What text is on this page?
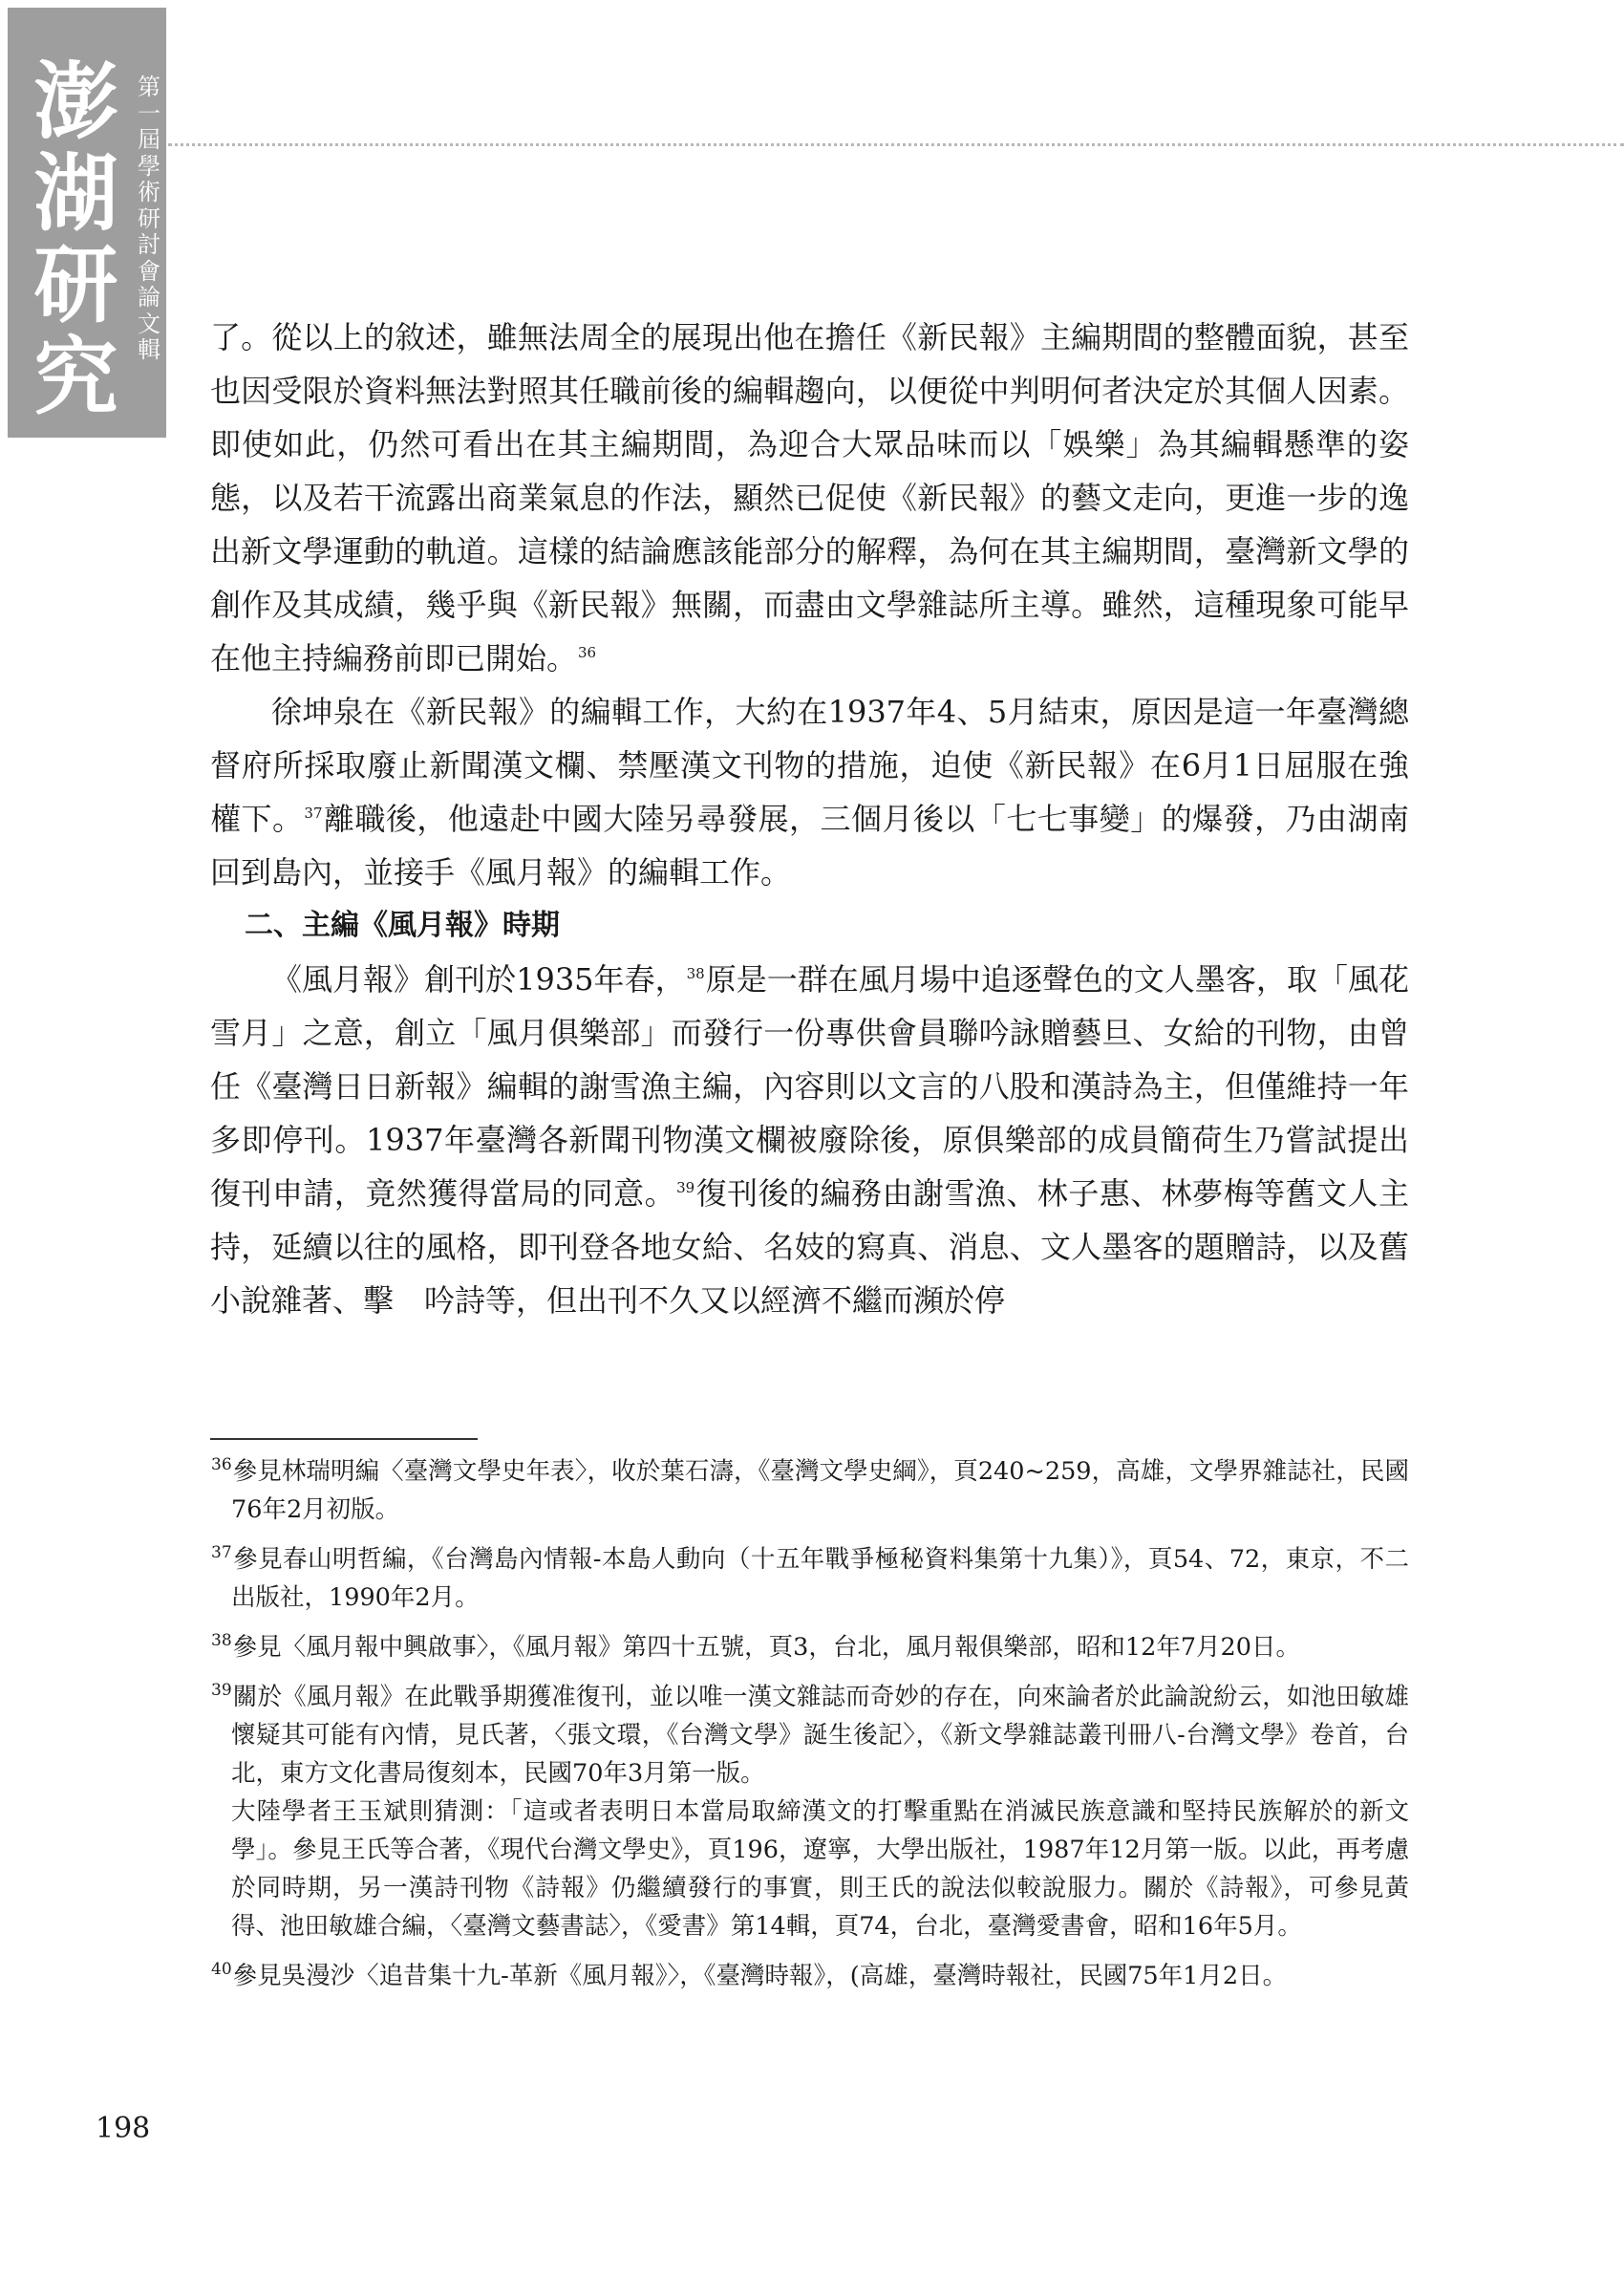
澎湖研究
第一屆學術研討會論文輯 了。從以上的敘述，雖無法周全的展現出他在擔任《新民報》主編期間的整體面貌，甚至也因受限於資料無法對照其任職前後的編輯趨向，以便從中判明何者決定於其個人因素。即使如此，仍然可看出在其主編期間，為迎合大眾品味而以「娛樂」為其編輯懸準的姿態，以及若干流露出商業氣息的作法，顯然已促使《新民報》的藝文走向，更進一步的逸出新文學運動的軌道。這樣的結論應該能部分的解釋，為何在其主編期間，臺灣新文學的創作及其成績，幾乎與《新民報》無關，而盡由文學雜誌所主導。雖然，這種現象可能早在他主持編務前即已開始。$^{36}$

徐坤泉在《新民報》的編輯工作，大約在1937年4、5月結束，原因是這一年臺灣總督府所採取廢止新聞漢文欄、禁壓漢文刊物的措施，迫使《新民報》在6月1日屈服在強權下。$^{37}$離職後，他遠赴中國大陸另尋發展，三個月後以「七七事變」的爆發，乃由湖南回到島內，並接手《風月報》的編輯工作。

二、主編《風月報》時期

《風月報》創刊於1935年春，$^{38}$原是一群在風月場中追逐聲色的文人墨客，取「風花雪月」之意，創立「風月俱樂部」而發行一份專供會員聯吟詠贈藝旦、女給的刊物，由曾任《臺灣日日新報》編輯的謝雪漁主編，內容則以文言的八股和漢詩為主，但僅維持一年多即停刊。1937年臺灣各新聞刊物漢文欄被廢除後，原俱樂部的成員簡荷生乃嘗試提出復刊申請，竟然獲得當局的同意。$^{39}$復刊後的編務由謝雪漁、林子惠、林夢梅等舊文人主持，延續以往的風格，即刊登各地女給、名妓的寫真、消息、文人墨客的題贈詩，以及舊小說雜著、擊　吟詩等，但出刊不久又以經濟不繼而瀕於停

$^{36}$參見林瑞明編〈臺灣文學史年表〉，收於葉石濤，《臺灣文學史綱》，頁240~259，高雄，文學界雜誌社，民國76年2月初版。
$^{37}$參見春山明哲編，《台灣島內情報-本島人動向（十五年戰爭極秘資料集第十九集）》，頁54、72，東京，不二出版社，1990年2月。
$^{38}$參見〈風月報中興啟事〉，《風月報》第四十五號，頁3，台北，風月報俱樂部，昭和12年7月20日。
$^{39}$關於《風月報》在此戰爭期獲准復刊，並以唯一漢文雜誌而奇妙的存在，向來論者於此論說紛云，如池田敏雄懷疑其可能有內情，見氏著，〈張文環，《台灣文學》誕生後記〉，《新文學雜誌叢刊冊八-台灣文學》卷首，台北，東方文化書局復刻本，民國70年3月第一版。
大陸學者王玉斌則猜測：「這或者表明日本當局取締漢文的打擊重點在消滅民族意識和堅持民族解於的新文學」。參見王氏等合著，《現代台灣文學史》，頁196，遼寧，大學出版社，1987年12月第一版。以此，再考慮於同時期，另一漢詩刊物《詩報》仍繼續發行的事實，則王氏的說法似較說服力。關於《詩報》，可參見黃得、池田敏雄合編，〈臺灣文藝書誌〉，《愛書》第14輯，頁74，台北，臺灣愛書會，昭和16年5月。
$^{40}$參見吳漫沙〈追昔集十九-革新《風月報》〉，《臺灣時報》，(高雄，臺灣時報社，民國75年1月2日。
198
